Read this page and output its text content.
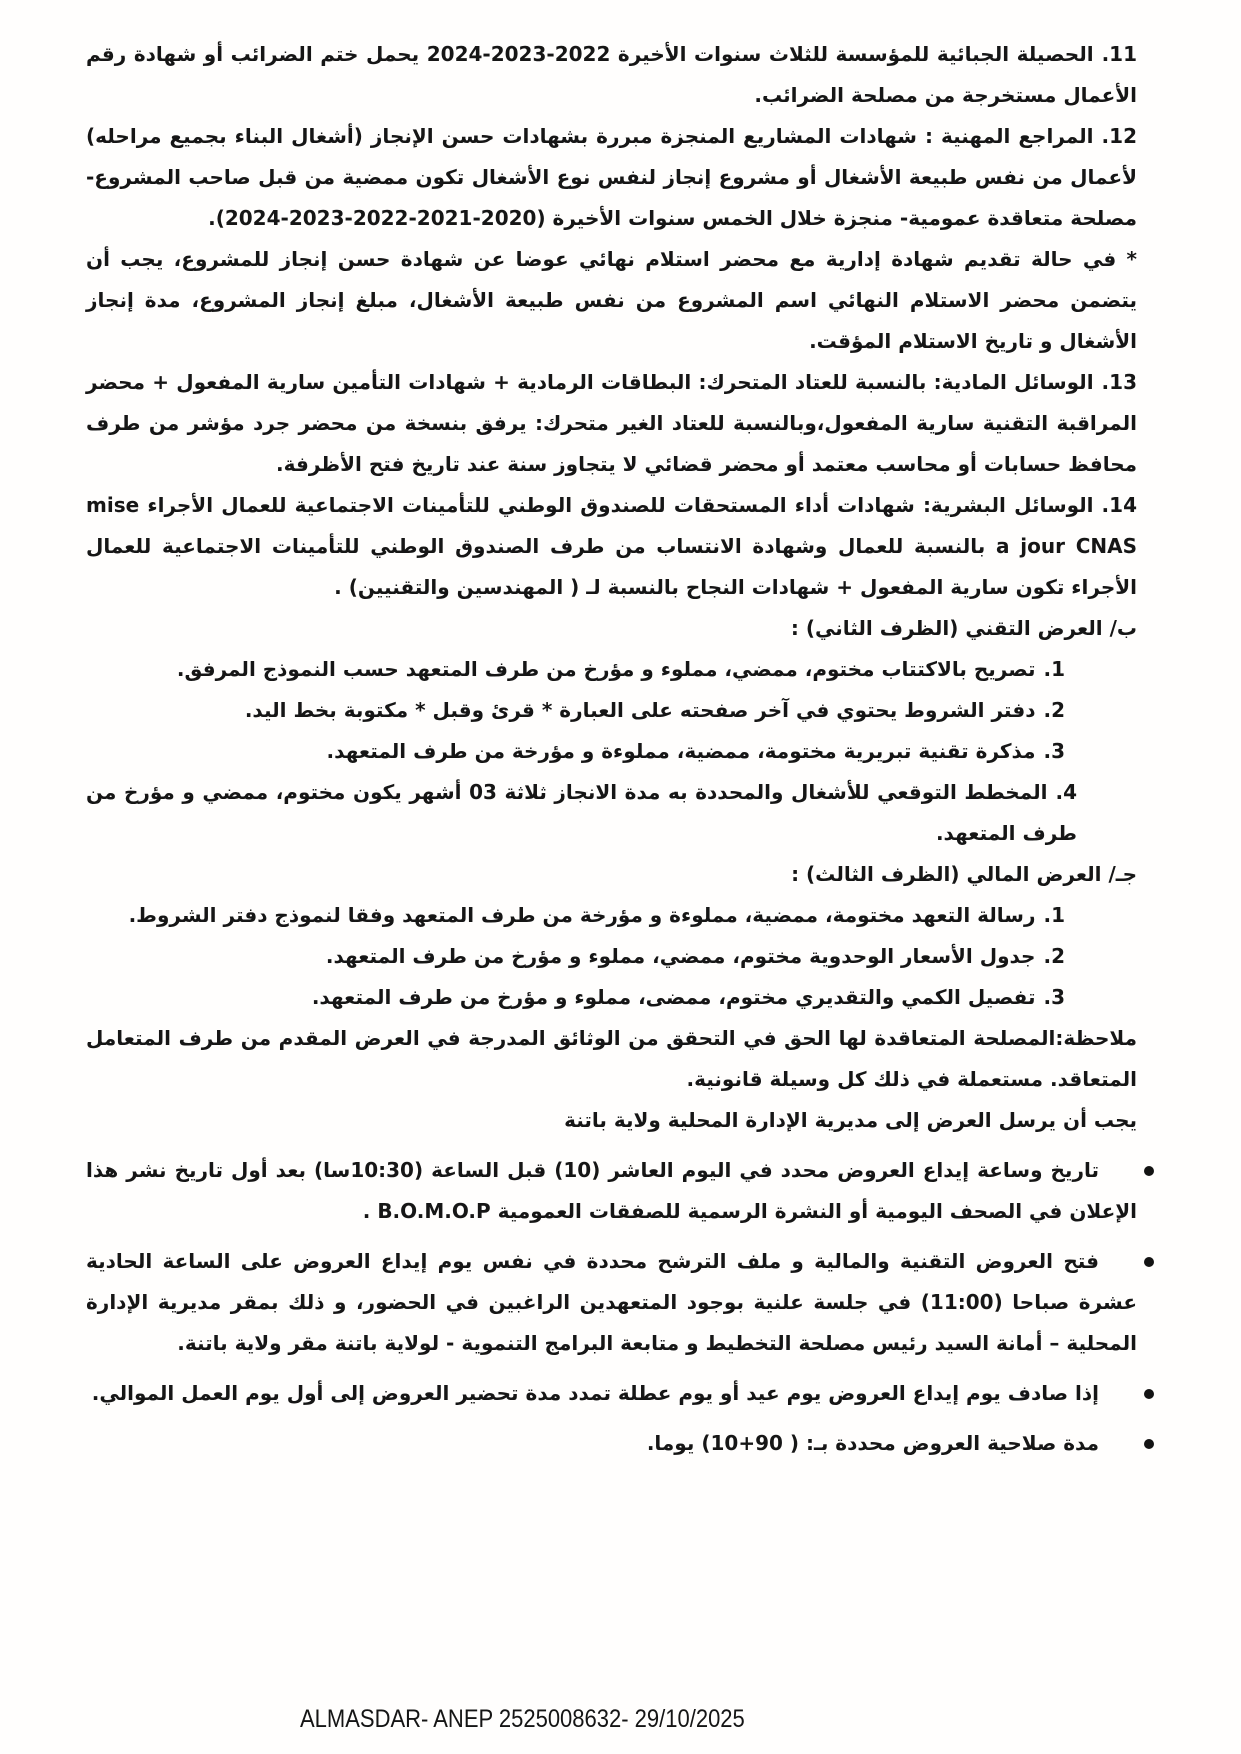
11.الحصيلة الجبائية للمؤسسة للثلاث سنوات الأخيرة 2022-2023-2024 يحمل ختم الضرائب أو شهادة رقم الأعمال مستخرجة من مصلحة الضرائب.

12.المراجع المهنية : شهادات المشاريع المنجزة مبررة بشهادات حسن الإنجاز (أشغال البناء بجميع مراحله) لأعمال من نفس طبيعة الأشغال أو مشروع إنجاز لنفس نوع الأشغال تكون ممضية من قبل صاحب المشروع-مصلحة متعاقدة عمومية- منجزة خلال الخمس سنوات الأخيرة (2020-2021-2022-2023-2024).

* في حالة تقديم شهادة إدارية مع محضر استلام نهائي عوضا عن شهادة حسن إنجاز للمشروع، يجب أن يتضمن محضر الاستلام النهائي اسم المشروع من نفس طبيعة الأشغال، مبلغ إنجاز المشروع، مدة إنجاز الأشغال و تاريخ الاستلام المؤقت.

13.الوسائل المادية: بالنسبة للعتاد المتحرك: البطاقات الرمادية + شهادات التأمين سارية المفعول + محضر المراقبة التقنية سارية المفعول،وبالنسبة للعتاد الغير متحرك: يرفق بنسخة من محضر جرد مؤشر من طرف محافظ حسابات أو محاسب معتمد أو محضر قضائي لا يتجاوز سنة عند تاريخ فتح الأظرفة.

14.الوسائل البشرية: شهادات أداء المستحقات للصندوق الوطني للتأمينات الاجتماعية للعمال الأجراء mise a jour CNAS بالنسبة للعمال وشهادة الانتساب من طرف الصندوق الوطني للتأمينات الاجتماعية للعمال الأجراء تكون سارية المفعول + شهادات النجاح بالنسبة لـ ( المهندسين والتقنيين) .

ب/ العرض التقني (الظرف الثاني) :

1.تصريح بالاكتتاب مختوم، ممضي، مملوء و مؤرخ من طرف المتعهد حسب النموذج المرفق.

2.دفتر الشروط يحتوي في آخر صفحته على العبارة * قرئ وقبل * مكتوبة بخط اليد.

3.مذكرة تقنية تبريرية مختومة، ممضية، مملوءة و مؤرخة من طرف المتعهد.

4.المخطط التوقعي للأشغال والمحددة به مدة الانجاز ثلاثة 03 أشهر يكون مختوم، ممضي و مؤرخ من طرف المتعهد.

جـ/ العرض المالي (الظرف الثالث) :

1.رسالة التعهد مختومة، ممضية، مملوءة و مؤرخة من طرف المتعهد وفقا لنموذج دفتر الشروط.

2.جدول الأسعار الوحدوية مختوم، ممضي، مملوء و مؤرخ من طرف المتعهد.

3.تفصيل الكمي والتقديري مختوم، ممضى، مملوء و مؤرخ من طرف المتعهد.

ملاحظة:المصلحة المتعاقدة لها الحق في التحقق من الوثائق المدرجة في العرض المقدم من طرف المتعامل المتعاقد. مستعملة في ذلك كل وسيلة قانونية.

يجب أن يرسل العرض إلى مديرية الإدارة المحلية ولاية باتنة

تاريخ وساعة إيداع العروض محدد في اليوم العاشر (10) قبل الساعة (10:30سا) بعد أول تاريخ نشر هذا الإعلان في الصحف اليومية أو النشرة الرسمية للصفقات العمومية B.O.M.O.P .
فتح العروض التقنية والمالية و ملف الترشح محددة في نفس يوم إيداع العروض على الساعة الحادية عشرة صباحا (11:00) في جلسة علنية بوجود المتعهدين الراغبين في الحضور، و ذلك بمقر مديرية الإدارة المحلية – أمانة السيد رئيس مصلحة التخطيط و متابعة البرامج التنموية - لولاية باتنة مقر ولاية باتنة.
إذا صادف يوم إيداع العروض يوم عيد أو يوم عطلة تمدد مدة تحضير العروض إلى أول يوم العمل الموالي.
مدة صلاحية العروض محددة بـ: ( 90+10) يوما.
ALMASDAR- ANEP 2525008632- 29/10/2025
